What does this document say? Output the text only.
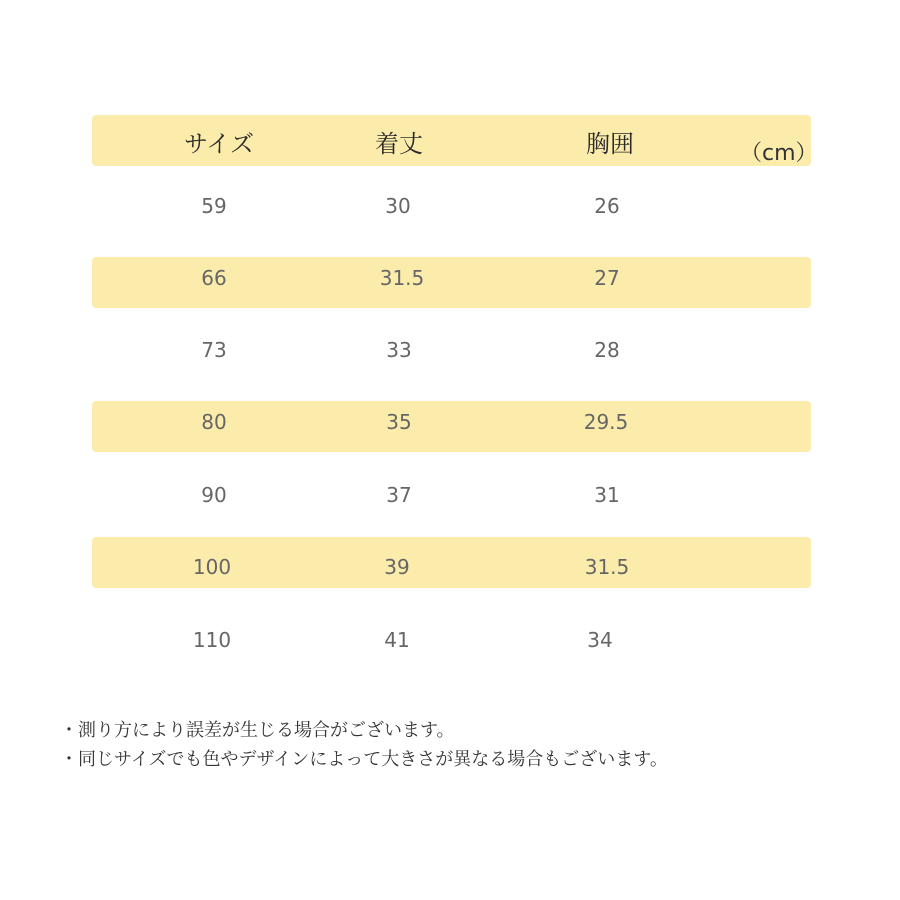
サイズ	着丈	胸囲	（cm）
59	30	26
66	31.5	27
73	33	28
80	35	29.5
90	37	31
100	39	31.5
110	41	34
・測り方により誤差が生じる場合がございます。
・同じサイズでも色やデザインによって大きさが異なる場合もございます。
